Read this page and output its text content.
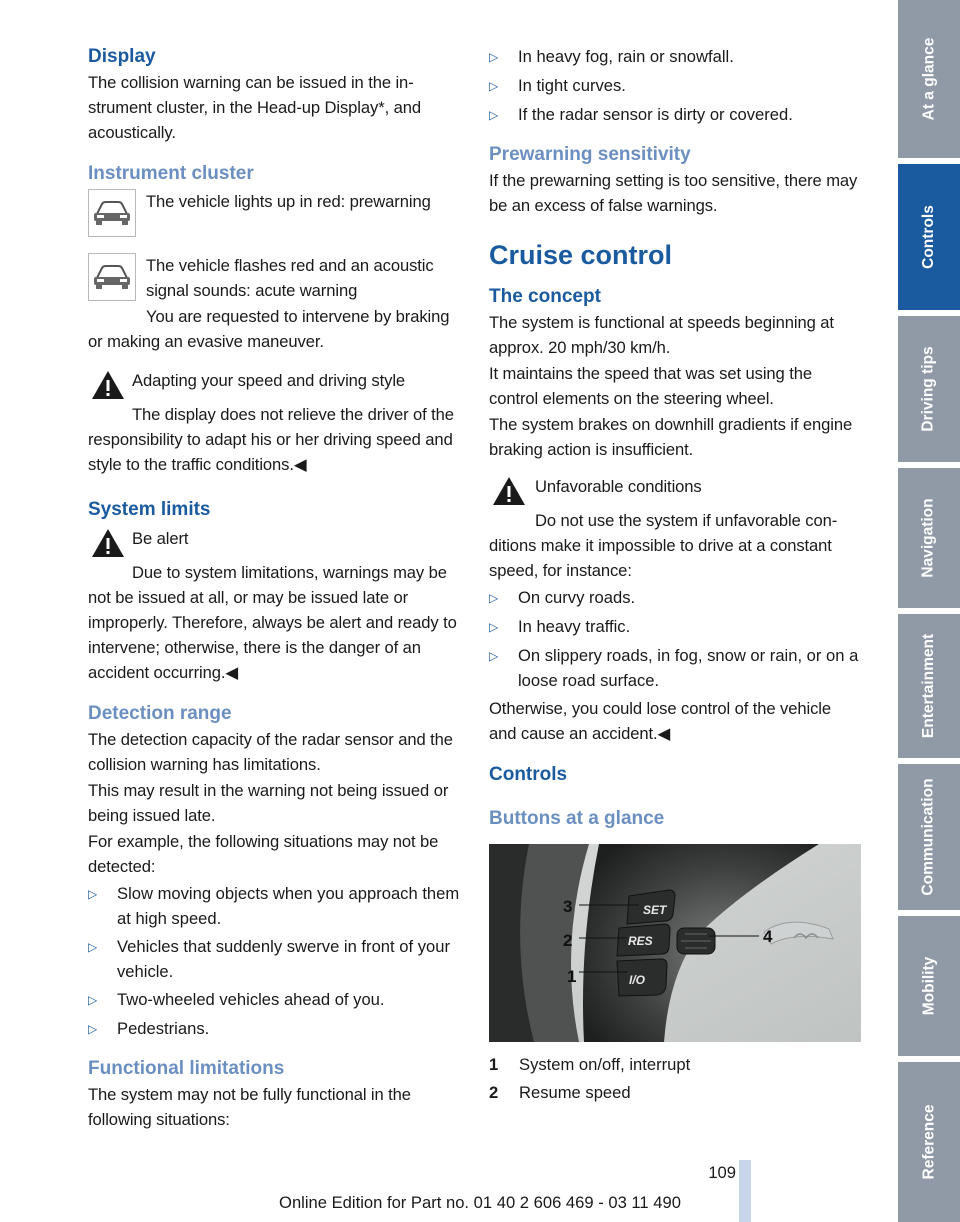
Display

The collision warning can be issued in the instrument cluster, in the Head-up Display*, and acoustically.

Instrument cluster

The vehicle lights up in red: prewarning

The vehicle flashes red and an acoustic signal sounds: acute warning

You are requested to intervene by braking or making an evasive maneuver.

Adapting your speed and driving style

The display does not relieve the driver of the responsibility to adapt his or her driving speed and style to the traffic conditions.◀

System limits

Be alert

Due to system limitations, warnings may be not be issued at all, or may be issued late or improperly. Therefore, always be alert and ready to intervene; otherwise, there is the danger of an accident occurring.◀

Detection range

The detection capacity of the radar sensor and the collision warning has limitations.

This may result in the warning not being issued or being issued late.

For example, the following situations may not be detected:

▷	Slow moving objects when you approach them at high speed.
▷	Vehicles that suddenly swerve in front of your vehicle.
▷	Two-wheeled vehicles ahead of you.
▷	Pedestrians.
Functional limitations

The system may not be fully functional in the following situations:

▷	In heavy fog, rain or snowfall.
▷	In tight curves.
▷	If the radar sensor is dirty or covered.
Prewarning sensitivity

If the prewarning setting is too sensitive, there may be an excess of false warnings.

Cruise control
The concept

The system is functional at speeds beginning at approx. 20 mph/30 km/h.

It maintains the speed that was set using the control elements on the steering wheel.

The system brakes on downhill gradients if engine braking action is insufficient.

Unfavorable conditions

Do not use the system if unfavorable conditions make it impossible to drive at a constant speed, for instance:

▷	On curvy roads.
▷	In heavy traffic.
▷	On slippery roads, in fog, snow or rain, or on a loose road surface.

Otherwise, you could lose control of the vehicle and cause an accident.◀

Controls
Buttons at a glance
SET
RES
I/O
3
2
1
4
1	System on/off, interrupt
2	Resume speed
At a glance
Controls
Driving tips
Navigation
Entertainment
Communication
Mobility
Reference
109
Online Edition for Part no. 01 40 2 606 469 - 03 11 490
